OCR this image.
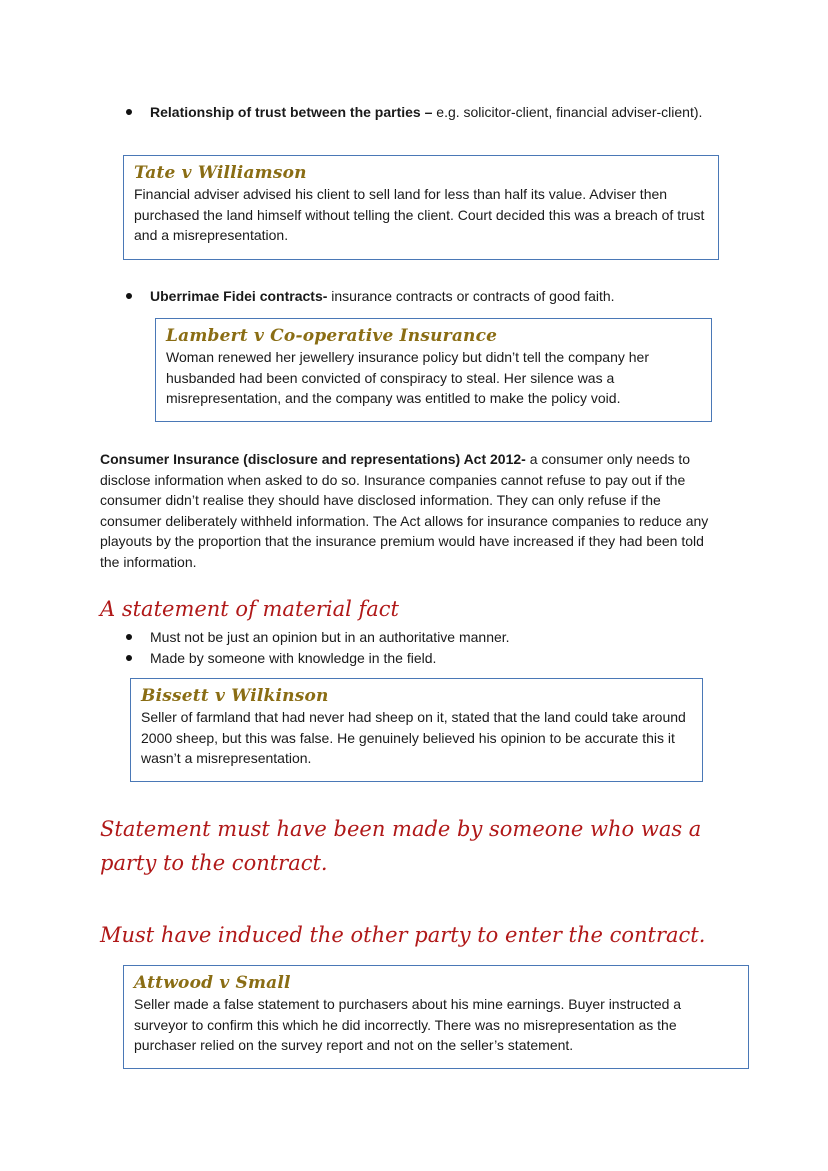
Relationship of trust between the parties – e.g. solicitor-client, financial adviser-client).
Tate v Williamson
Financial adviser advised his client to sell land for less than half its value. Adviser then purchased the land himself without telling the client. Court decided this was a breach of trust and a misrepresentation.
Uberrimae Fidei contracts- insurance contracts or contracts of good faith.
Lambert v Co-operative Insurance
Woman renewed her jewellery insurance policy but didn’t tell the company her husbanded had been convicted of conspiracy to steal. Her silence was a misrepresentation, and the company was entitled to make the policy void.
Consumer Insurance (disclosure and representations) Act 2012- a consumer only needs to disclose information when asked to do so. Insurance companies cannot refuse to pay out if the consumer didn’t realise they should have disclosed information. They can only refuse if the consumer deliberately withheld information. The Act allows for insurance companies to reduce any playouts by the proportion that the insurance premium would have increased if they had been told the information.
A statement of material fact
Must not be just an opinion but in an authoritative manner.
Made by someone with knowledge in the field.
Bissett v Wilkinson
Seller of farmland that had never had sheep on it, stated that the land could take around 2000 sheep, but this was false. He genuinely believed his opinion to be accurate this it wasn’t a misrepresentation.
Statement must have been made by someone who was a party to the contract.
Must have induced the other party to enter the contract.
Attwood v Small
Seller made a false statement to purchasers about his mine earnings. Buyer instructed a surveyor to confirm this which he did incorrectly. There was no misrepresentation as the purchaser relied on the survey report and not on the seller’s statement.
